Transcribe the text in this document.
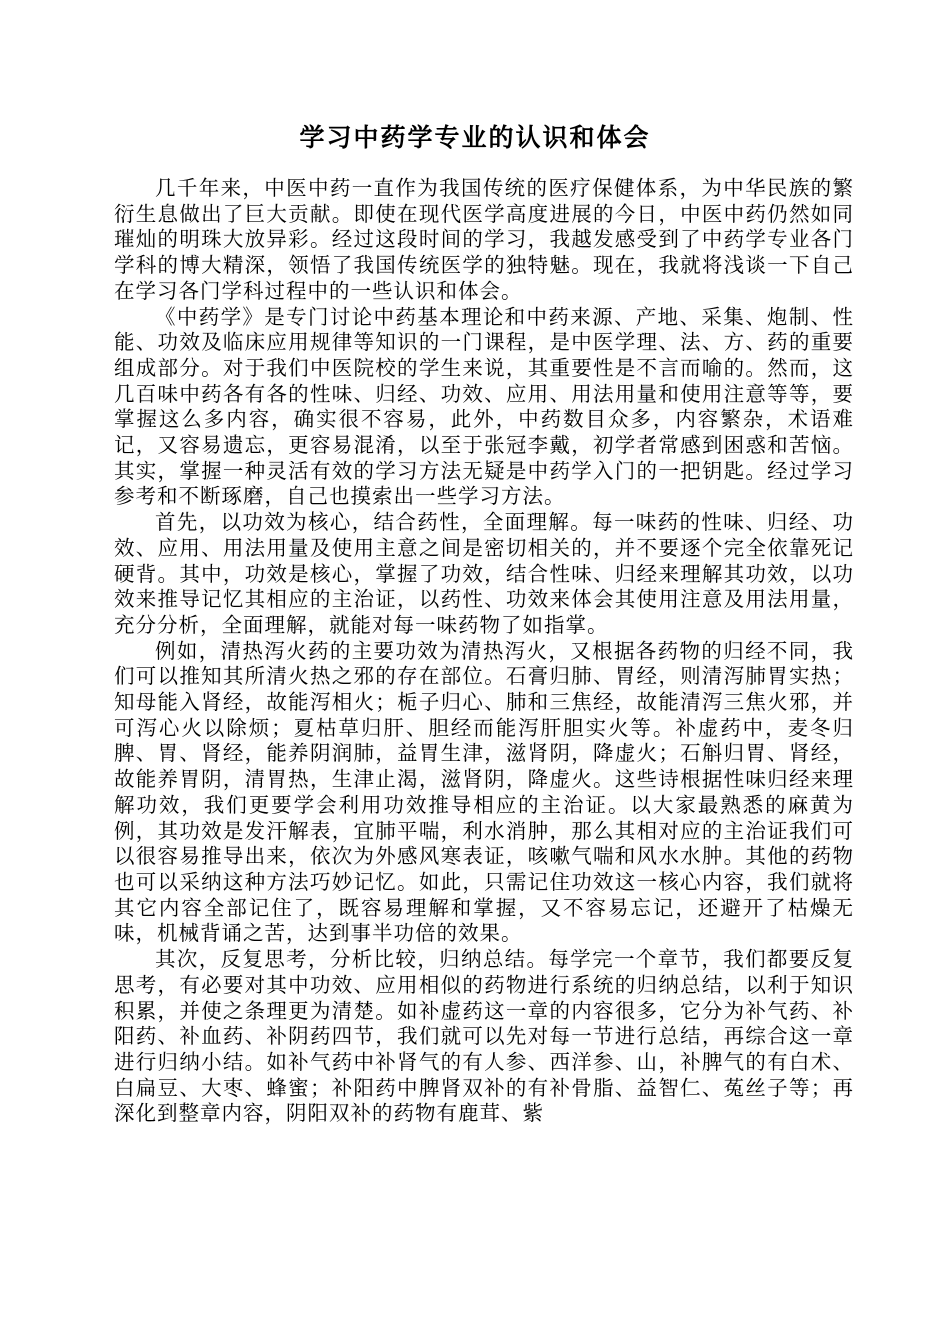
学习中药学专业的认识和体会

几千年来，中医中药一直作为我国传统的医疗保健体系，为中华民族的繁衍生息做出了巨大贡献。即使在现代医学高度进展的今日，中医中药仍然如同璀灿的明珠大放异彩。经过这段时间的学习，我越发感受到了中药学专业各门学科的博大精深，领悟了我国传统医学的独特魅。现在，我就将浅谈一下自己在学习各门学科过程中的一些认识和体会。

《中药学》是专门讨论中药基本理论和中药来源、产地、采集、炮制、性能、功效及临床应用规律等知识的一门课程，是中医学理、法、方、药的重要组成部分。对于我们中医院校的学生来说，其重要性是不言而喻的。然而，这几百味中药各有各的性味、归经、功效、应用、用法用量和使用注意等等，要掌握这么多内容，确实很不容易，此外，中药数目众多，内容繁杂，术语难记，又容易遗忘，更容易混淆，以至于张冠李戴，初学者常感到困惑和苦恼。其实，掌握一种灵活有效的学习方法无疑是中药学入门的一把钥匙。经过学习参考和不断琢磨，自己也摸索出一些学习方法。

首先，以功效为核心，结合药性，全面理解。每一味药的性味、归经、功效、应用、用法用量及使用主意之间是密切相关的，并不要逐个完全依靠死记硬背。其中，功效是核心，掌握了功效，结合性味、归经来理解其功效，以功效来推导记忆其相应的主治证，以药性、功效来体会其使用注意及用法用量，充分分析，全面理解，就能对每一味药物了如指掌。

例如，清热泻火药的主要功效为清热泻火，又根据各药物的归经不同，我们可以推知其所清火热之邪的存在部位。石膏归肺、胃经，则清泻肺胃实热；知母能入肾经，故能泻相火；栀子归心、肺和三焦经，故能清泻三焦火邪，并可泻心火以除烦；夏枯草归肝、胆经而能泻肝胆实火等。补虚药中，麦冬归脾、胃、肾经，能养阴润肺，益胃生津，滋肾阴，降虚火；石斛归胃、肾经，故能养胃阴，清胃热，生津止渴，滋肾阴，降虚火。这些诗根据性味归经来理解功效，我们更要学会利用功效推导相应的主治证。以大家最熟悉的麻黄为例，其功效是发汗解表，宜肺平喘，利水消肿，那么其相对应的主治证我们可以很容易推导出来，依次为外感风寒表证，咳嗽气喘和风水水肿。其他的药物也可以采纳这种方法巧妙记忆。如此，只需记住功效这一核心内容，我们就将其它内容全部记住了，既容易理解和掌握，又不容易忘记，还避开了枯燥无味，机械背诵之苦，达到事半功倍的效果。

其次，反复思考，分析比较，归纳总结。每学完一个章节，我们都要反复思考，有必要对其中功效、应用相似的药物进行系统的归纳总结，以利于知识积累，并使之条理更为清楚。如补虚药这一章的内容很多，它分为补气药、补阳药、补血药、补阴药四节，我们就可以先对每一节进行总结，再综合这一章进行归纳小结。如补气药中补肾气的有人参、西洋参、山，补脾气的有白术、白扁豆、大枣、蜂蜜；补阳药中脾肾双补的有补骨脂、益智仁、菟丝子等；再深化到整章内容，阴阳双补的药物有鹿茸、紫
